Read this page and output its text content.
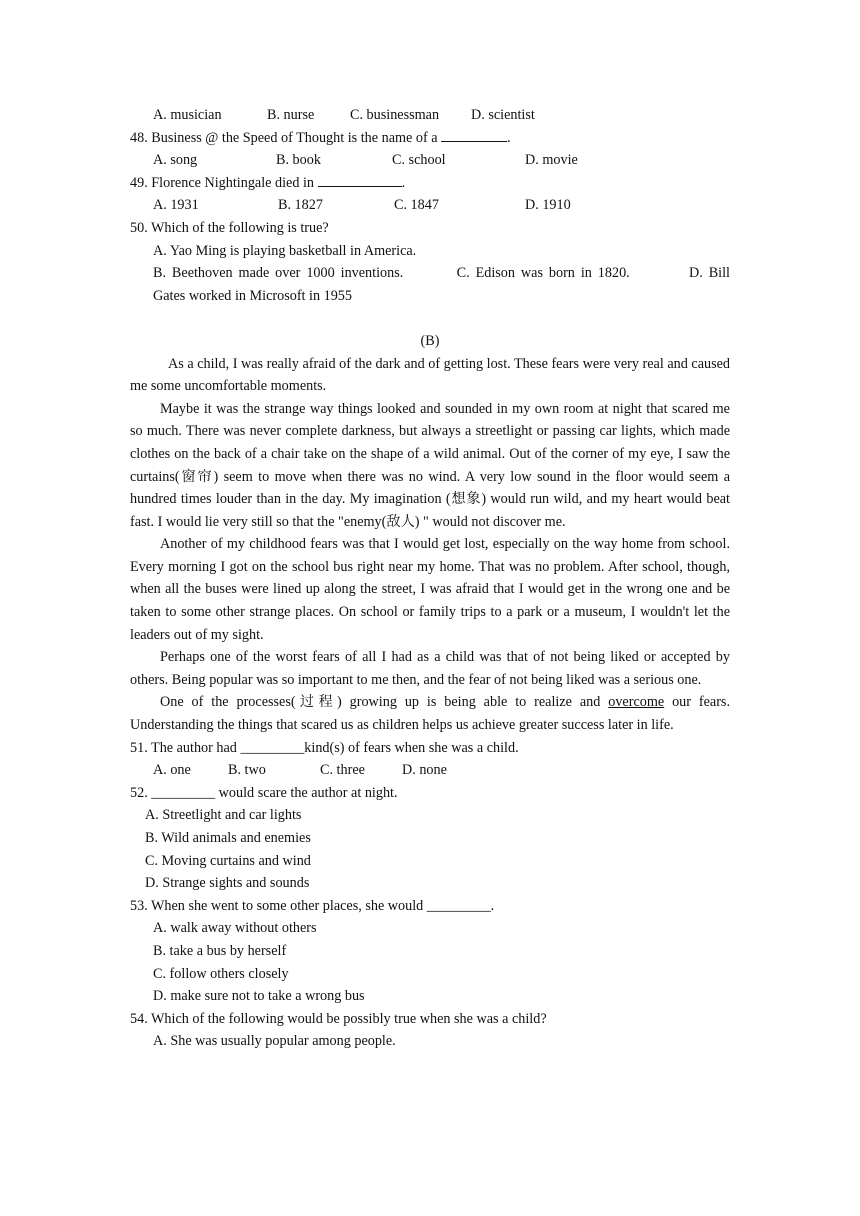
A. musician	B. nurse	C. businessman D. scientist
48. Business @ the Speed of Thought is the name of a	.
A. song	B. book	C. school	D. movie
49. Florence Nightingale died in	.
A. 1931	B. 1827	C. 1847	D. 1910
50. Which of the following is true?
A. Yao Ming is playing basketball in America.
B. Beethoven made over 1000 inventions.         C. Edison was born in 1820.          D. Bill
Gates worked in Microsoft in 1955
(B)

As a child, I was really afraid of the dark and of getting lost. These fears were very real and caused me some uncomfortable moments.

Maybe it was the strange way things looked and sounded in my own room at night that scared me so much. There was never complete darkness, but always a streetlight or passing car lights, which made clothes on the back of a chair take on the shape of a wild animal. Out of the corner of my eye, I saw the curtains(窗帘) seem to move when there was no wind. A very low sound in the floor would seem a hundred times louder than in the day. My imagination (想象) would run wild, and my heart would beat fast. I would lie very still so that the "enemy(敌人) " would not discover me.

Another of my childhood fears was that I would get lost, especially on the way home from school. Every morning I got on the school bus right near my home. That was no problem. After school, though, when all the buses were lined up along the street, I was afraid that I would get in the wrong one and be taken to some other strange places. On school or family trips to a park or a museum, I wouldn't let the leaders out of my sight.

Perhaps one of the worst fears of all I had as a child was that of not being liked or accepted by others. Being popular was so important to me then, and the fear of not being liked was a serious one.

One of the processes(过程) growing up is being able to realize and overcome our fears. Understanding the things that scared us as children helps us achieve greater success later in life.

51. The author had _________kind(s) of fears when she was a child.
A. one	B. two	C. three	D. none
52. _________ would scare the author at night.
A. Streetlight and car lights
B. Wild animals and enemies
C. Moving curtains and wind
D. Strange sights and sounds
53. When she went to some other places, she would _________.
A. walk away without others
B. take a bus by herself
C. follow others closely
D. make sure not to take a wrong bus
54. Which of the following would be possibly true when she was a child?
A. She was usually popular among people.
